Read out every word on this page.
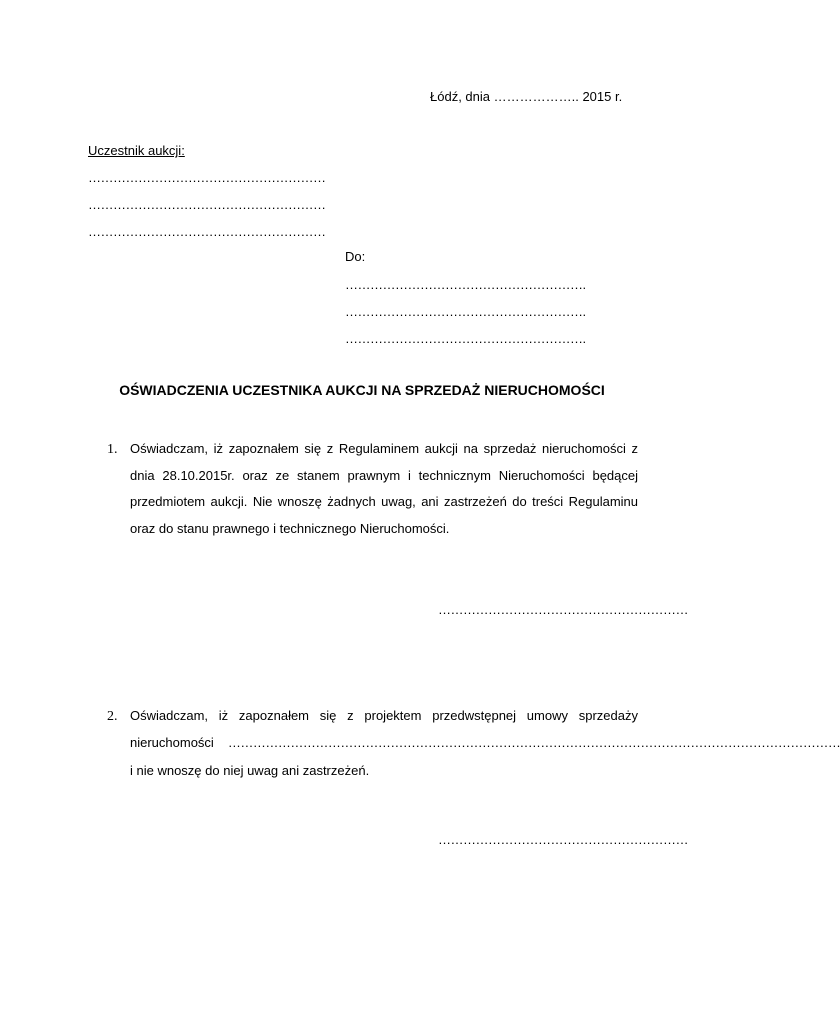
Łódź, dnia ……………….. 2015 r.
Uczestnik aukcji:
…………………………………………………
…………………………………………………
…………………………………………………
Do:
………………………………………………….
………………………………………………….
………………………………………………….
OŚWIADCZENIA UCZESTNIKA AUKCJI NA SPRZEDAŻ NIERUCHOMOŚCI
1. Oświadczam, iż zapoznałem się z Regulaminem aukcji na sprzedaż nieruchomości z dnia 28.10.2015r. oraz ze stanem prawnym i technicznym Nieruchomości będącej przedmiotem aukcji. Nie wnoszę żadnych uwag, ani zastrzeżeń do treści Regulaminu oraz do stanu prawnego i technicznego Nieruchomości.
……………………………………………………
2. Oświadczam, iż zapoznałem się z projektem przedwstępnej umowy sprzedaży
nieruchomości …………………………………………………………………………………………………………………………………
i nie wnoszę do niej uwag ani zastrzeżeń.
……………………………………………………
